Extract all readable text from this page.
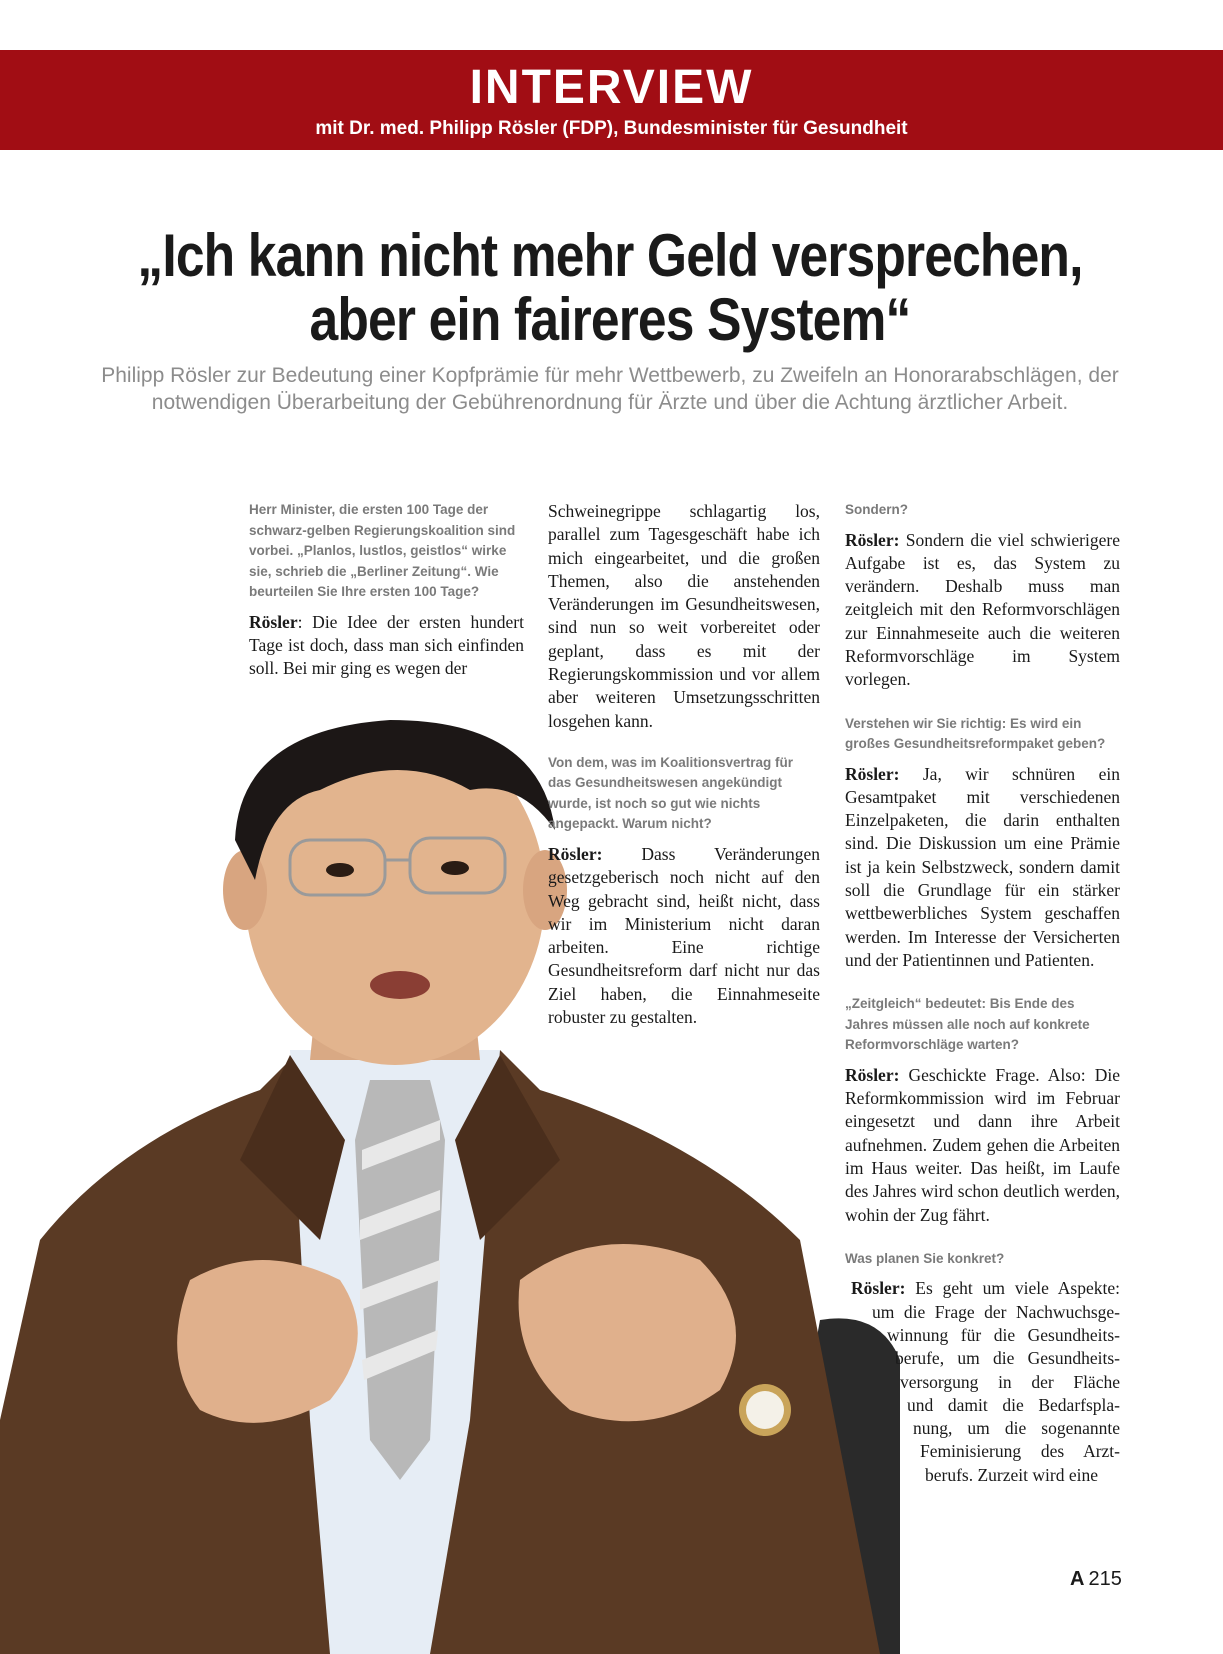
INTERVIEW
mit Dr. med. Philipp Rösler (FDP), Bundesminister für Gesundheit
„Ich kann nicht mehr Geld versprechen,
aber ein faireres System“
Philipp Rösler zur Bedeutung einer Kopfprämie für mehr Wettbewerb, zu Zweifeln an Honorarabschlägen, der notwendigen Überarbeitung der Gebührenordnung für Ärzte und über die Achtung ärztlicher Arbeit.

Herr Minister, die ersten 100 Tage der schwarz-gelben Regierungskoalition sind vorbei. „Planlos, lustlos, geistlos“ wirke sie, schrieb die „Berliner Zeitung“. Wie beurteilen Sie Ihre ersten 100 Tage?

Rösler: Die Idee der ersten hundert Tage ist doch, dass man sich einfinden soll. Bei mir ging es wegen der

Schweinegrippe schlagartig los, parallel zum Tagesgeschäft habe ich mich eingearbeitet, und die großen Themen, also die anstehenden Veränderungen im Gesundheitswesen, sind nun so weit vorbereitet oder geplant, dass es mit der Regierungskommission und vor allem aber weiteren Umsetzungsschritten losgehen kann.

Von dem, was im Koalitionsvertrag für das Gesundheitswesen angekündigt wurde, ist noch so gut wie nichts angepackt. Warum nicht?

Rösler: Dass Veränderungen gesetzgeberisch noch nicht auf den Weg gebracht sind, heißt nicht, dass wir im Ministerium nicht daran arbeiten. Eine richtige Gesundheitsreform darf nicht nur das Ziel haben, die Einnahmeseite robuster zu gestalten.

Sondern?

Rösler: Sondern die viel schwierigere Aufgabe ist es, das System zu verändern. Deshalb muss man zeitgleich mit den Reformvorschlägen zur Einnahmeseite auch die weiteren Reformvorschläge im System vorlegen.

Verstehen wir Sie richtig: Es wird ein großes Gesundheitsreformpaket geben?

Rösler: Ja, wir schnüren ein Gesamtpaket mit verschiedenen Einzelpaketen, die darin enthalten sind. Die Diskussion um eine Prämie ist ja kein Selbstzweck, sondern damit soll die Grundlage für ein stärker wettbewerbliches System geschaffen werden. Im Interesse der Versicherten und der Patientinnen und Patienten.

„Zeitgleich“ bedeutet: Bis Ende des Jahres müssen alle noch auf konkrete Reformvorschläge warten?

Rösler: Geschickte Frage. Also: Die Reformkommission wird im Februar eingesetzt und dann ihre Arbeit aufnehmen. Zudem gehen die Arbeiten im Haus weiter. Das heißt, im Laufe des Jahres wird schon deutlich werden, wohin der Zug fährt.

Was planen Sie konkret?

Rösler: Es geht um viele Aspekte:
um die Frage der Nachwuchsge-
winnung für die Gesundheits-
berufe, um die Gesundheits-
versorgung in der Fläche
und damit die Bedarfspla-
nung, um die sogenannte
Feminisierung des Arzt-
berufs. Zurzeit wird eine
A 215
